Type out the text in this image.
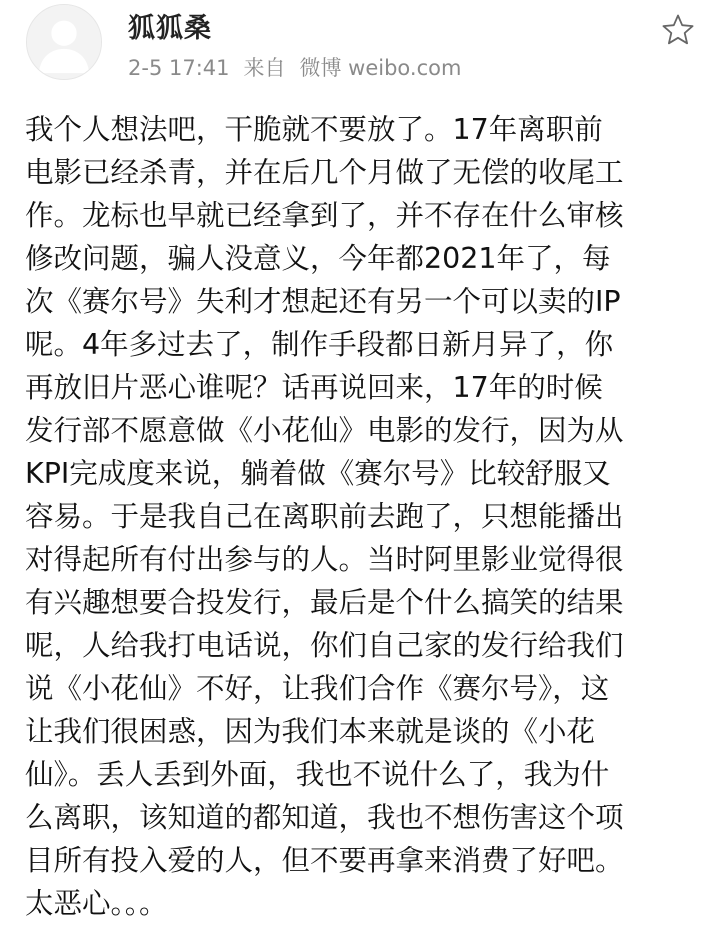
狐狐桑
2-5 17:41 来自 微博 weibo.com
我个人想法吧，干脆就不要放了。17年离职前
电影已经杀青，并在后几个月做了无偿的收尾工
作。龙标也早就已经拿到了，并不存在什么审核
修改问题，骗人没意义，今年都2021年了，每
次《赛尔号》失利才想起还有另一个可以卖的IP
呢。4年多过去了，制作手段都日新月异了，你
再放旧片恶心谁呢？话再说回来，17年的时候
发行部不愿意做《小花仙》电影的发行，因为从
KPI完成度来说，躺着做《赛尔号》比较舒服又
容易。于是我自己在离职前去跑了，只想能播出
对得起所有付出参与的人。当时阿里影业觉得很
有兴趣想要合投发行，最后是个什么搞笑的结果
呢，人给我打电话说，你们自己家的发行给我们
说《小花仙》不好，让我们合作《赛尔号》，这
让我们很困惑，因为我们本来就是谈的《小花
仙》。丢人丢到外面，我也不说什么了，我为什
么离职，该知道的都知道，我也不想伤害这个项
目所有投入爱的人，但不要再拿来消费了好吧。
太恶心。。。
